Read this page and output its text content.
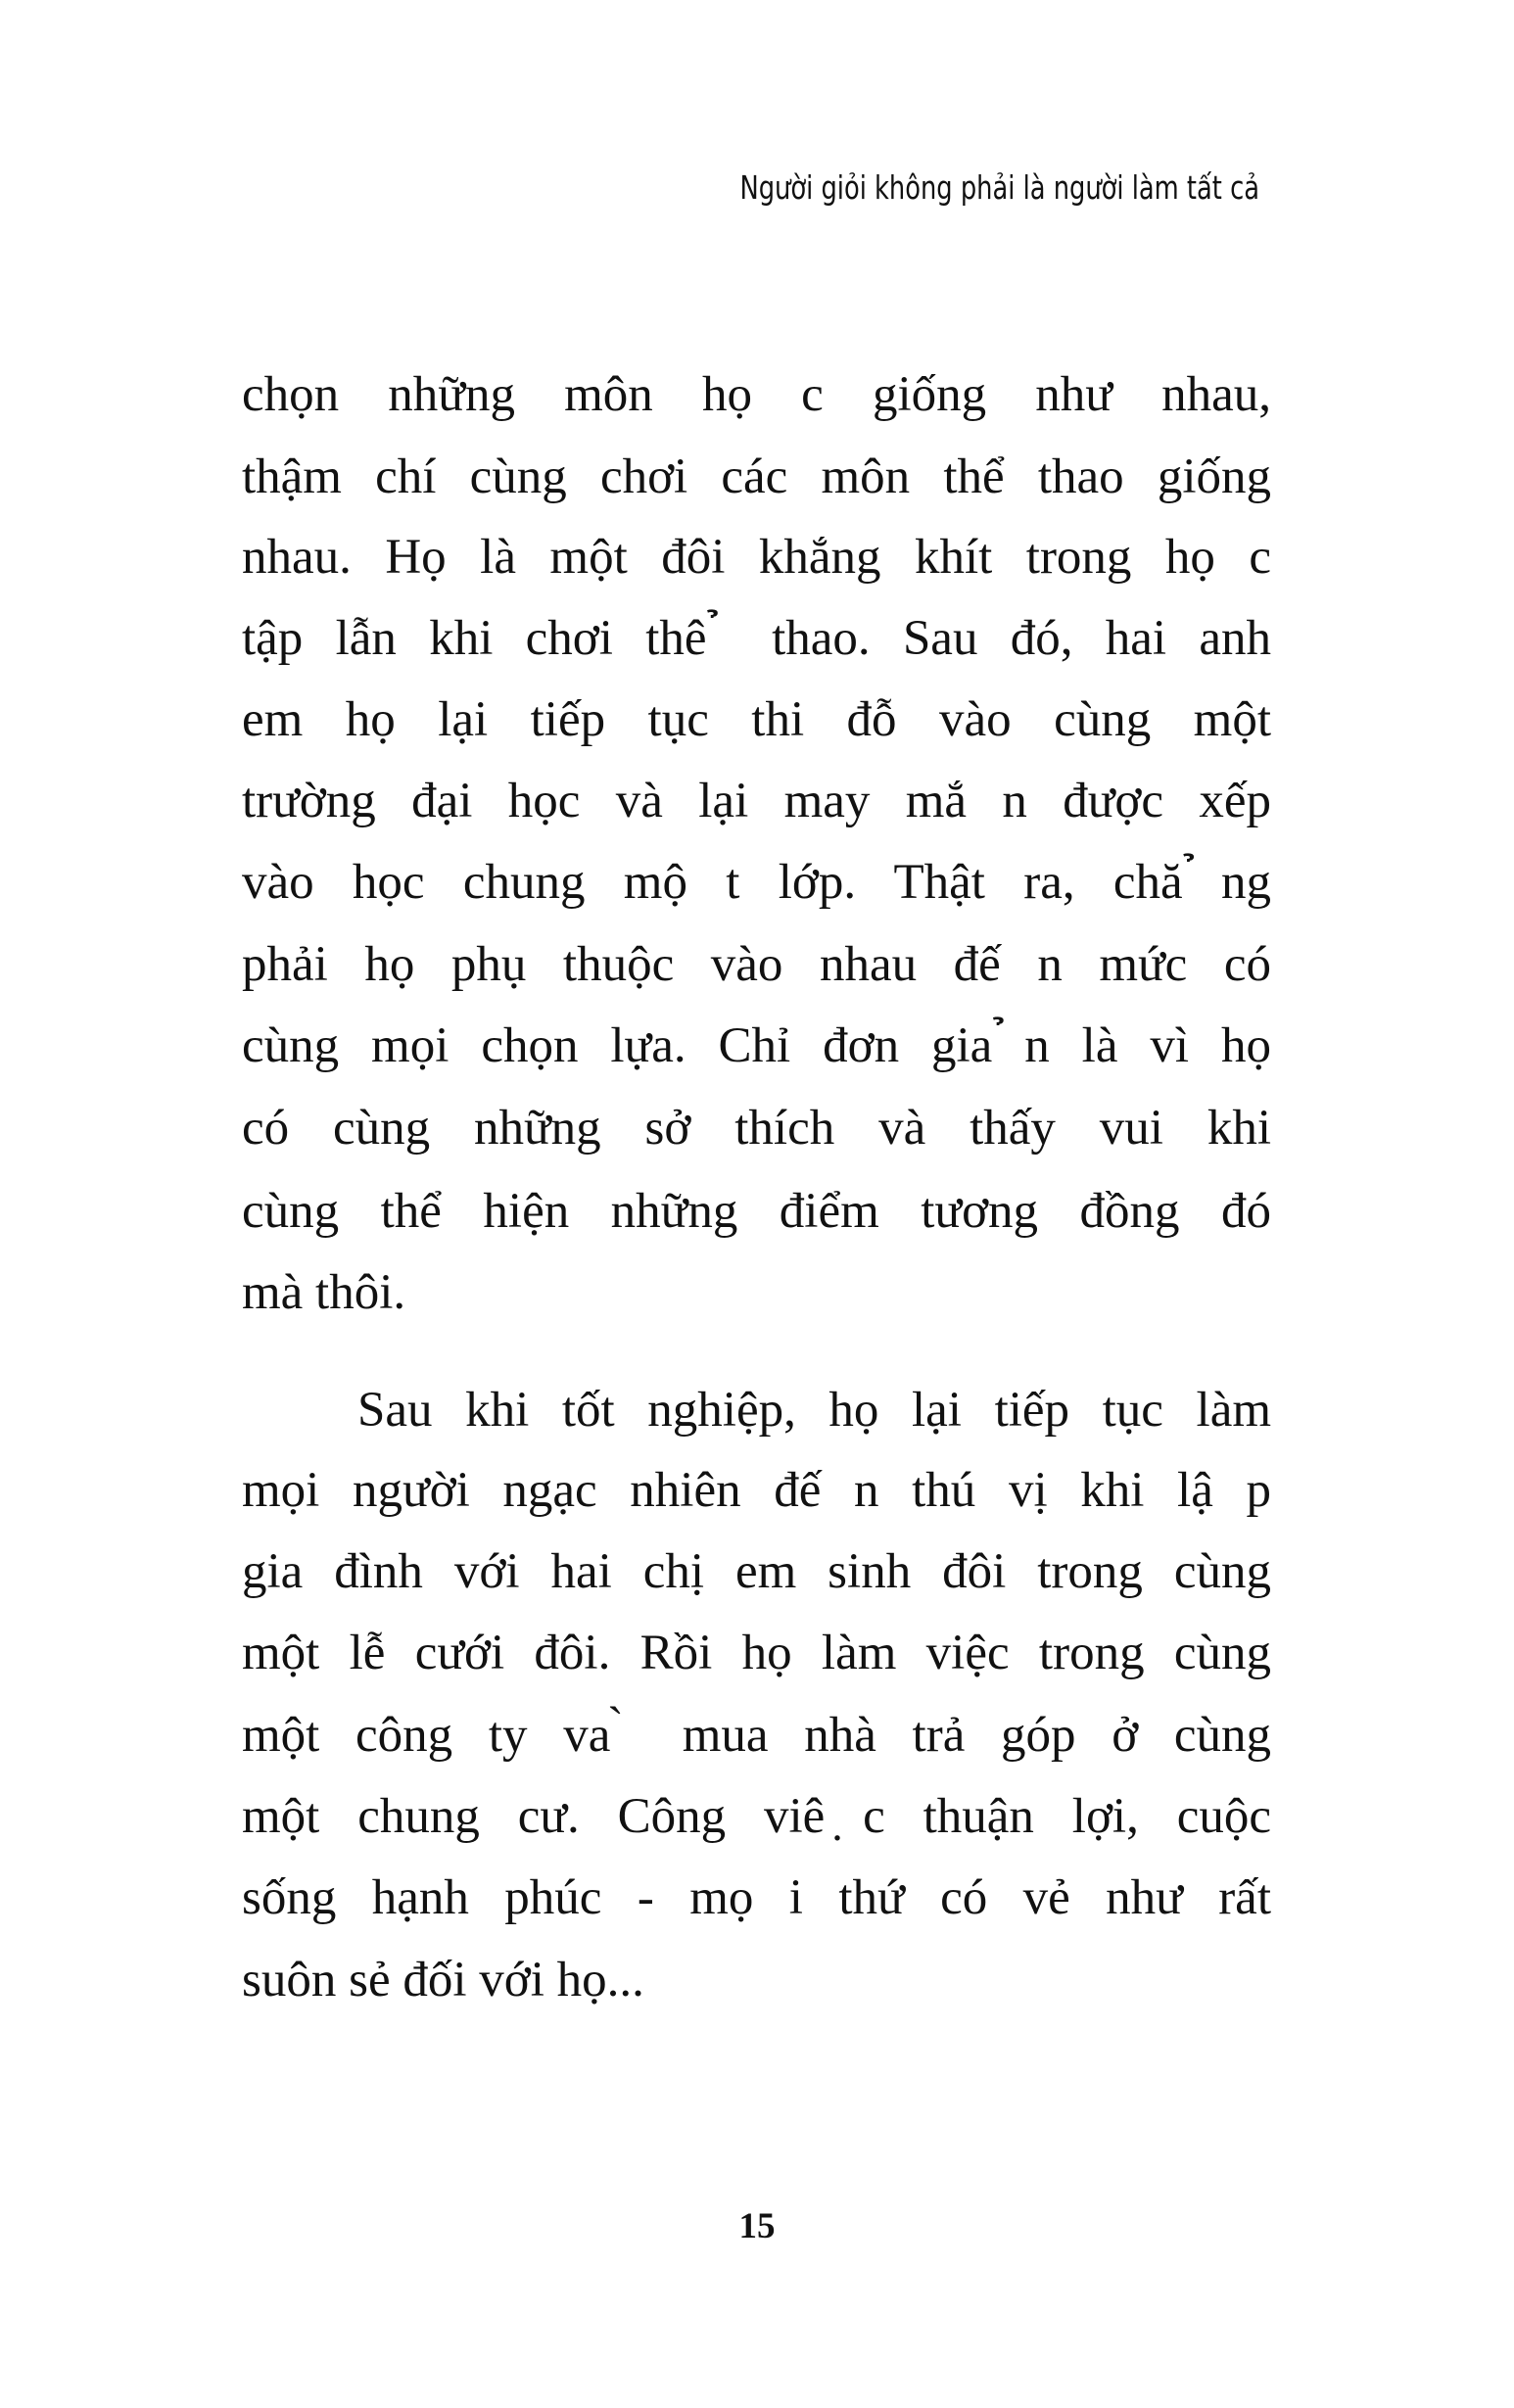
Người giỏi không phải là người làm tất cả
chọn những môn họ c giống như nhau,
thậm chí cùng chơi các môn thể thao giống
nhau. Họ là một đôi khắng khít trong họ c
tập lẫn khi chơi thê ̉ thao. Sau đó, hai anh
em họ lại tiếp tục thi đỗ vào cùng một
trường đại học và lại may mắ n được xếp
vào học chung mộ t lớp. Thật ra, chă ̉ng
phải họ phụ thuộc vào nhau đế n mức có
cùng mọi chọn lựa. Chỉ đơn gia ̉n là vì họ
có cùng những sở thích và thấy vui khi
cùng thể hiện những điểm tương đồng đó
mà thôi.
Sau khi tốt nghiệp, họ lại tiếp tục làm
mọi người ngạc nhiên đế n thú vị khi lậ p
gia đình với hai chị em sinh đôi trong cùng
một lễ cưới đôi. Rồi họ làm việc trong cùng
một công ty va ̀ mua nhà trả góp ở cùng
một chung cư. Công viê ̣c thuận lợi, cuộc
sống hạnh phúc - mọ i thứ có vẻ như rất
suôn sẻ đối với họ...
15
